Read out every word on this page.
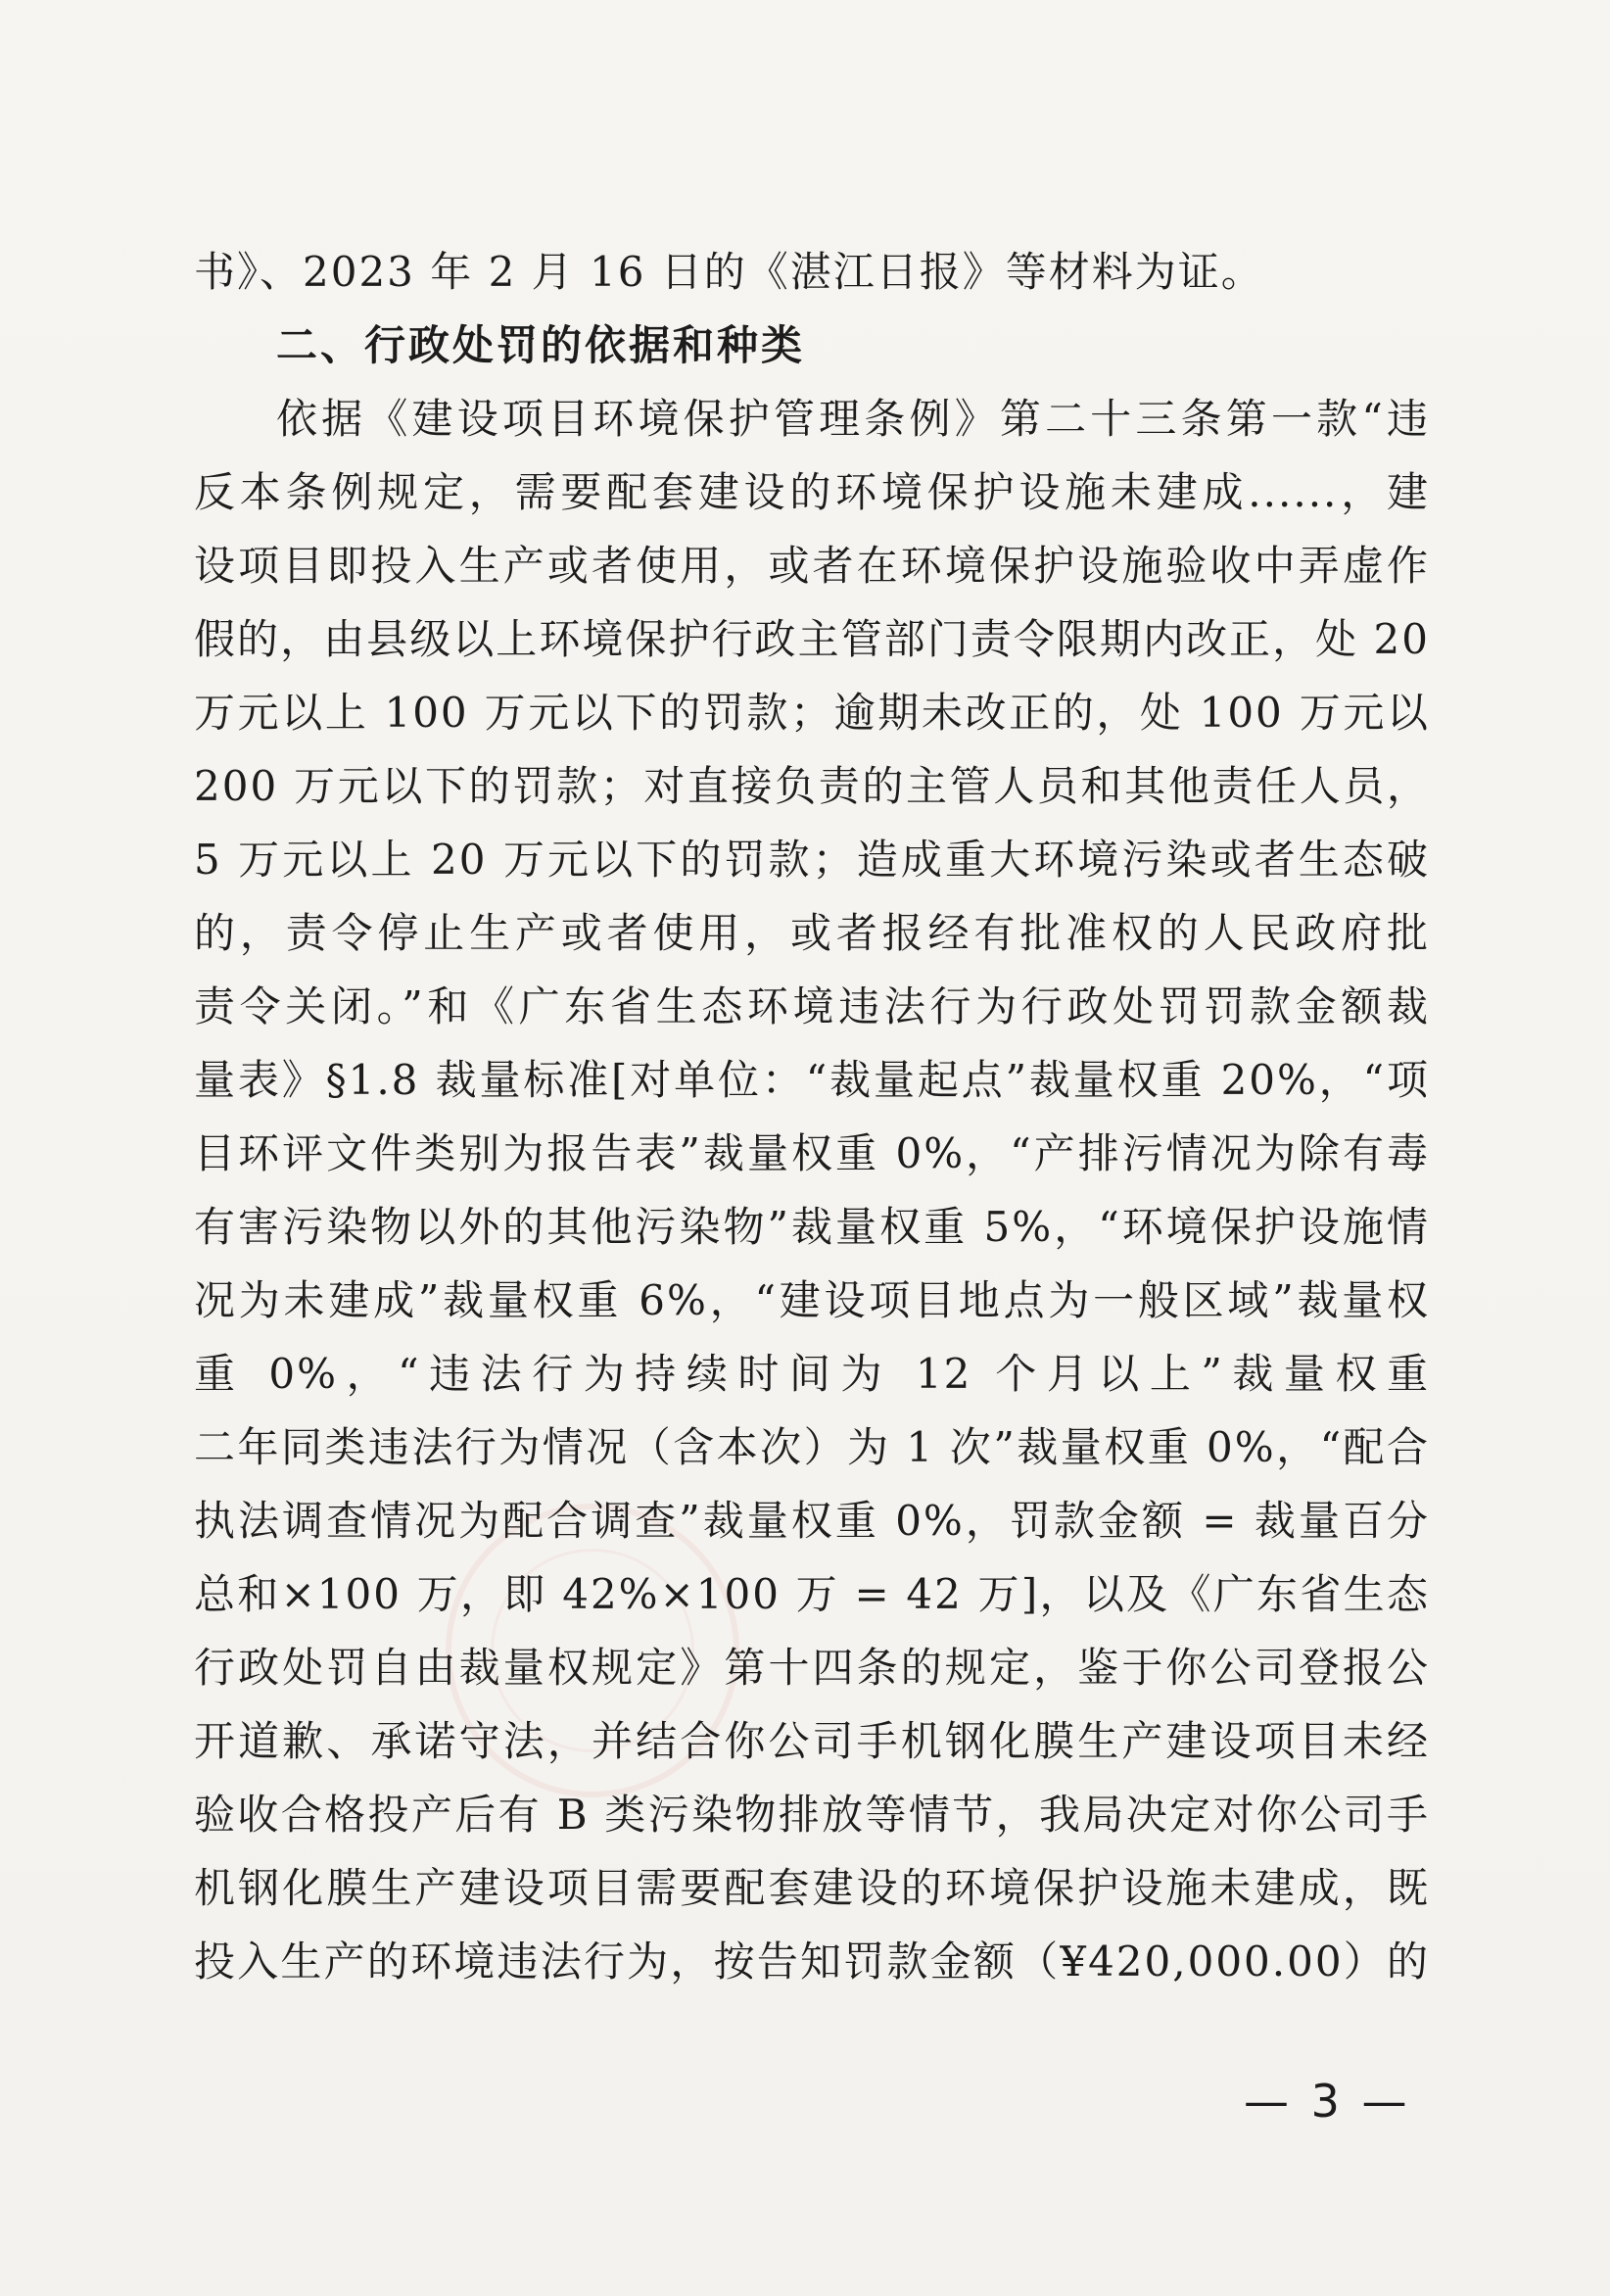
书》、2023 年 2 月 16 日的《湛江日报》等材料为证。
二、行政处罚的依据和种类
依据《建设项目环境保护管理条例》第二十三条第一款“违
反本条例规定，需要配套建设的环境保护设施未建成......，建
设项目即投入生产或者使用，或者在环境保护设施验收中弄虚作
假的，由县级以上环境保护行政主管部门责令限期内改正，处 20
万元以上 100 万元以下的罚款；逾期未改正的，处 100 万元以
200 万元以下的罚款；对直接负责的主管人员和其他责任人员，
5 万元以上 20 万元以下的罚款；造成重大环境污染或者生态破
的，责令停止生产或者使用，或者报经有批准权的人民政府批
责令关闭。”和《广东省生态环境违法行为行政处罚罚款金额裁
量表》§1.8 裁量标准[对单位：“裁量起点”裁量权重 20%，“项
目环评文件类别为报告表”裁量权重 0%，“产排污情况为除有毒
有害污染物以外的其他污染物”裁量权重 5%，“环境保护设施情
况为未建成”裁量权重 6%，“建设项目地点为一般区域”裁量权
重 0%，“违法行为持续时间为 12 个月以上”裁量权重
二年同类违法行为情况（含本次）为 1 次”裁量权重 0%，“配合
执法调查情况为配合调查”裁量权重 0%，罚款金额 = 裁量百分
总和×100 万，即 42%×100 万 = 42 万]，以及《广东省生态
行政处罚自由裁量权规定》第十四条的规定，鉴于你公司登报公
开道歉、承诺守法，并结合你公司手机钢化膜生产建设项目未经
验收合格投产后有 B 类污染物排放等情节，我局决定对你公司手
机钢化膜生产建设项目需要配套建设的环境保护设施未建成，既
投入生产的环境违法行为，按告知罚款金额（¥420,000.00）的
— 3 —
